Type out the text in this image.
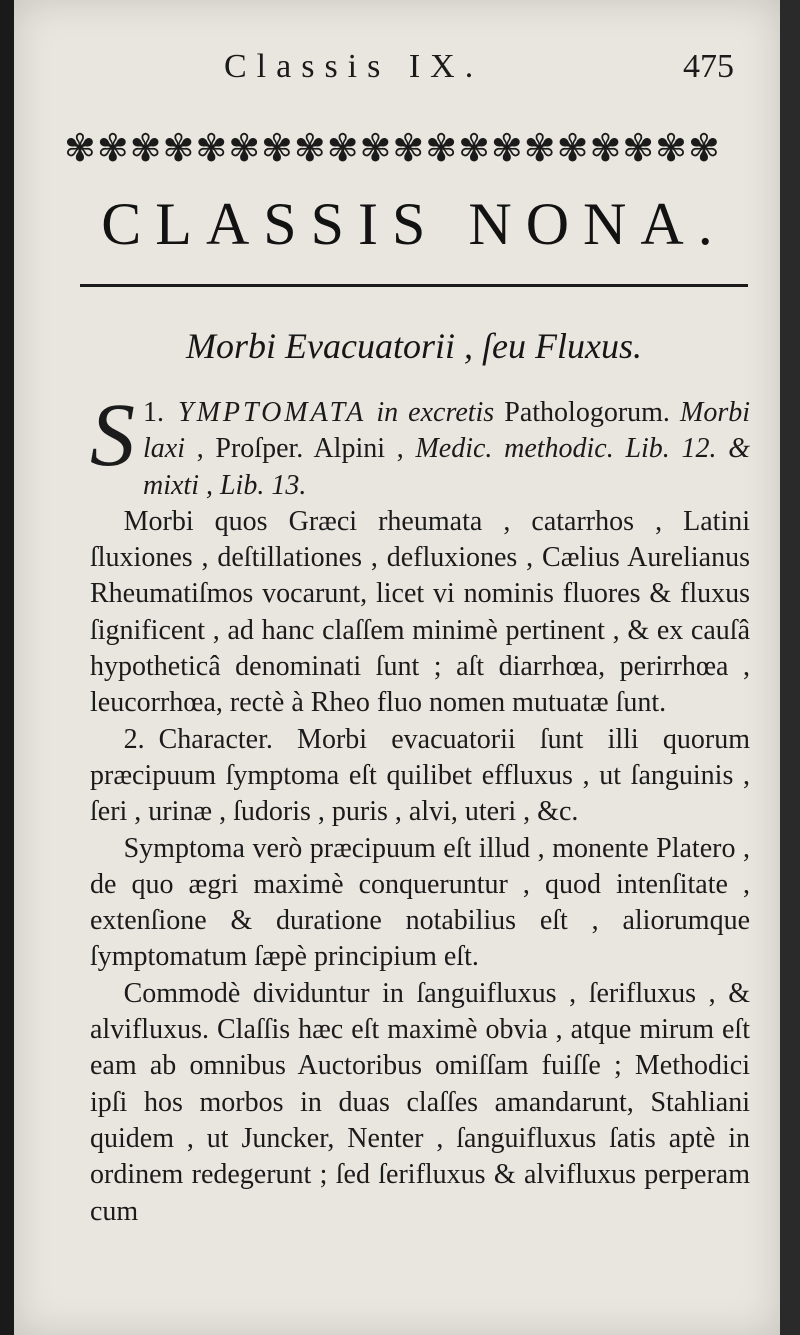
Classis IX.	475
✾✾✾✾✾✾✾✾✾✾✾✾✾✾✾✾✾✾✾✾
CLASSIS NONA.
Morbi Evacuatorii , ſeu Fluxus.

1.
S YMPTOMATA in excretis Pathologorum. Morbi laxi , Proſper. Alpini , Medic. methodic. Lib. 12. & mixti , Lib. 13.

Morbi quos Græci rheumata , catarrhos , Latini ſluxiones , deſtillationes , defluxiones , Cælius Aurelianus Rheumatiſmos vocarunt, licet vi nominis fluores & fluxus ſignificent , ad hanc claſſem minimè pertinent , & ex cauſâ hypotheticâ denominati ſunt ; aſt diarrhœa, perirrhœa , leucorrhœa, rectè à Rheo fluo nomen mutuatæ ſunt.

2. Character. Morbi evacuatorii ſunt illi quorum præcipuum ſymptoma eſt quilibet effluxus , ut ſanguinis , ſeri , urinæ , ſudoris , puris , alvi, uteri , &c.

Symptoma verò præcipuum eſt illud , monente Platero , de quo ægri maximè conqueruntur , quod intenſitate , extenſione & duratione notabilius eſt , aliorumque ſymptomatum ſæpè principium eſt.

Commodè dividuntur in ſanguifluxus , ſerifluxus , & alvifluxus. Claſſis hæc eſt maximè obvia , atque mirum eſt eam ab omnibus Auctoribus omiſſam fuiſſe ; Methodici ipſi hos morbos in duas claſſes amandarunt, Stahliani quidem , ut Juncker, Nenter , ſanguifluxus ſatis aptè in ordinem redegerunt ; ſed ſerifluxus & alvifluxus perperam cum
